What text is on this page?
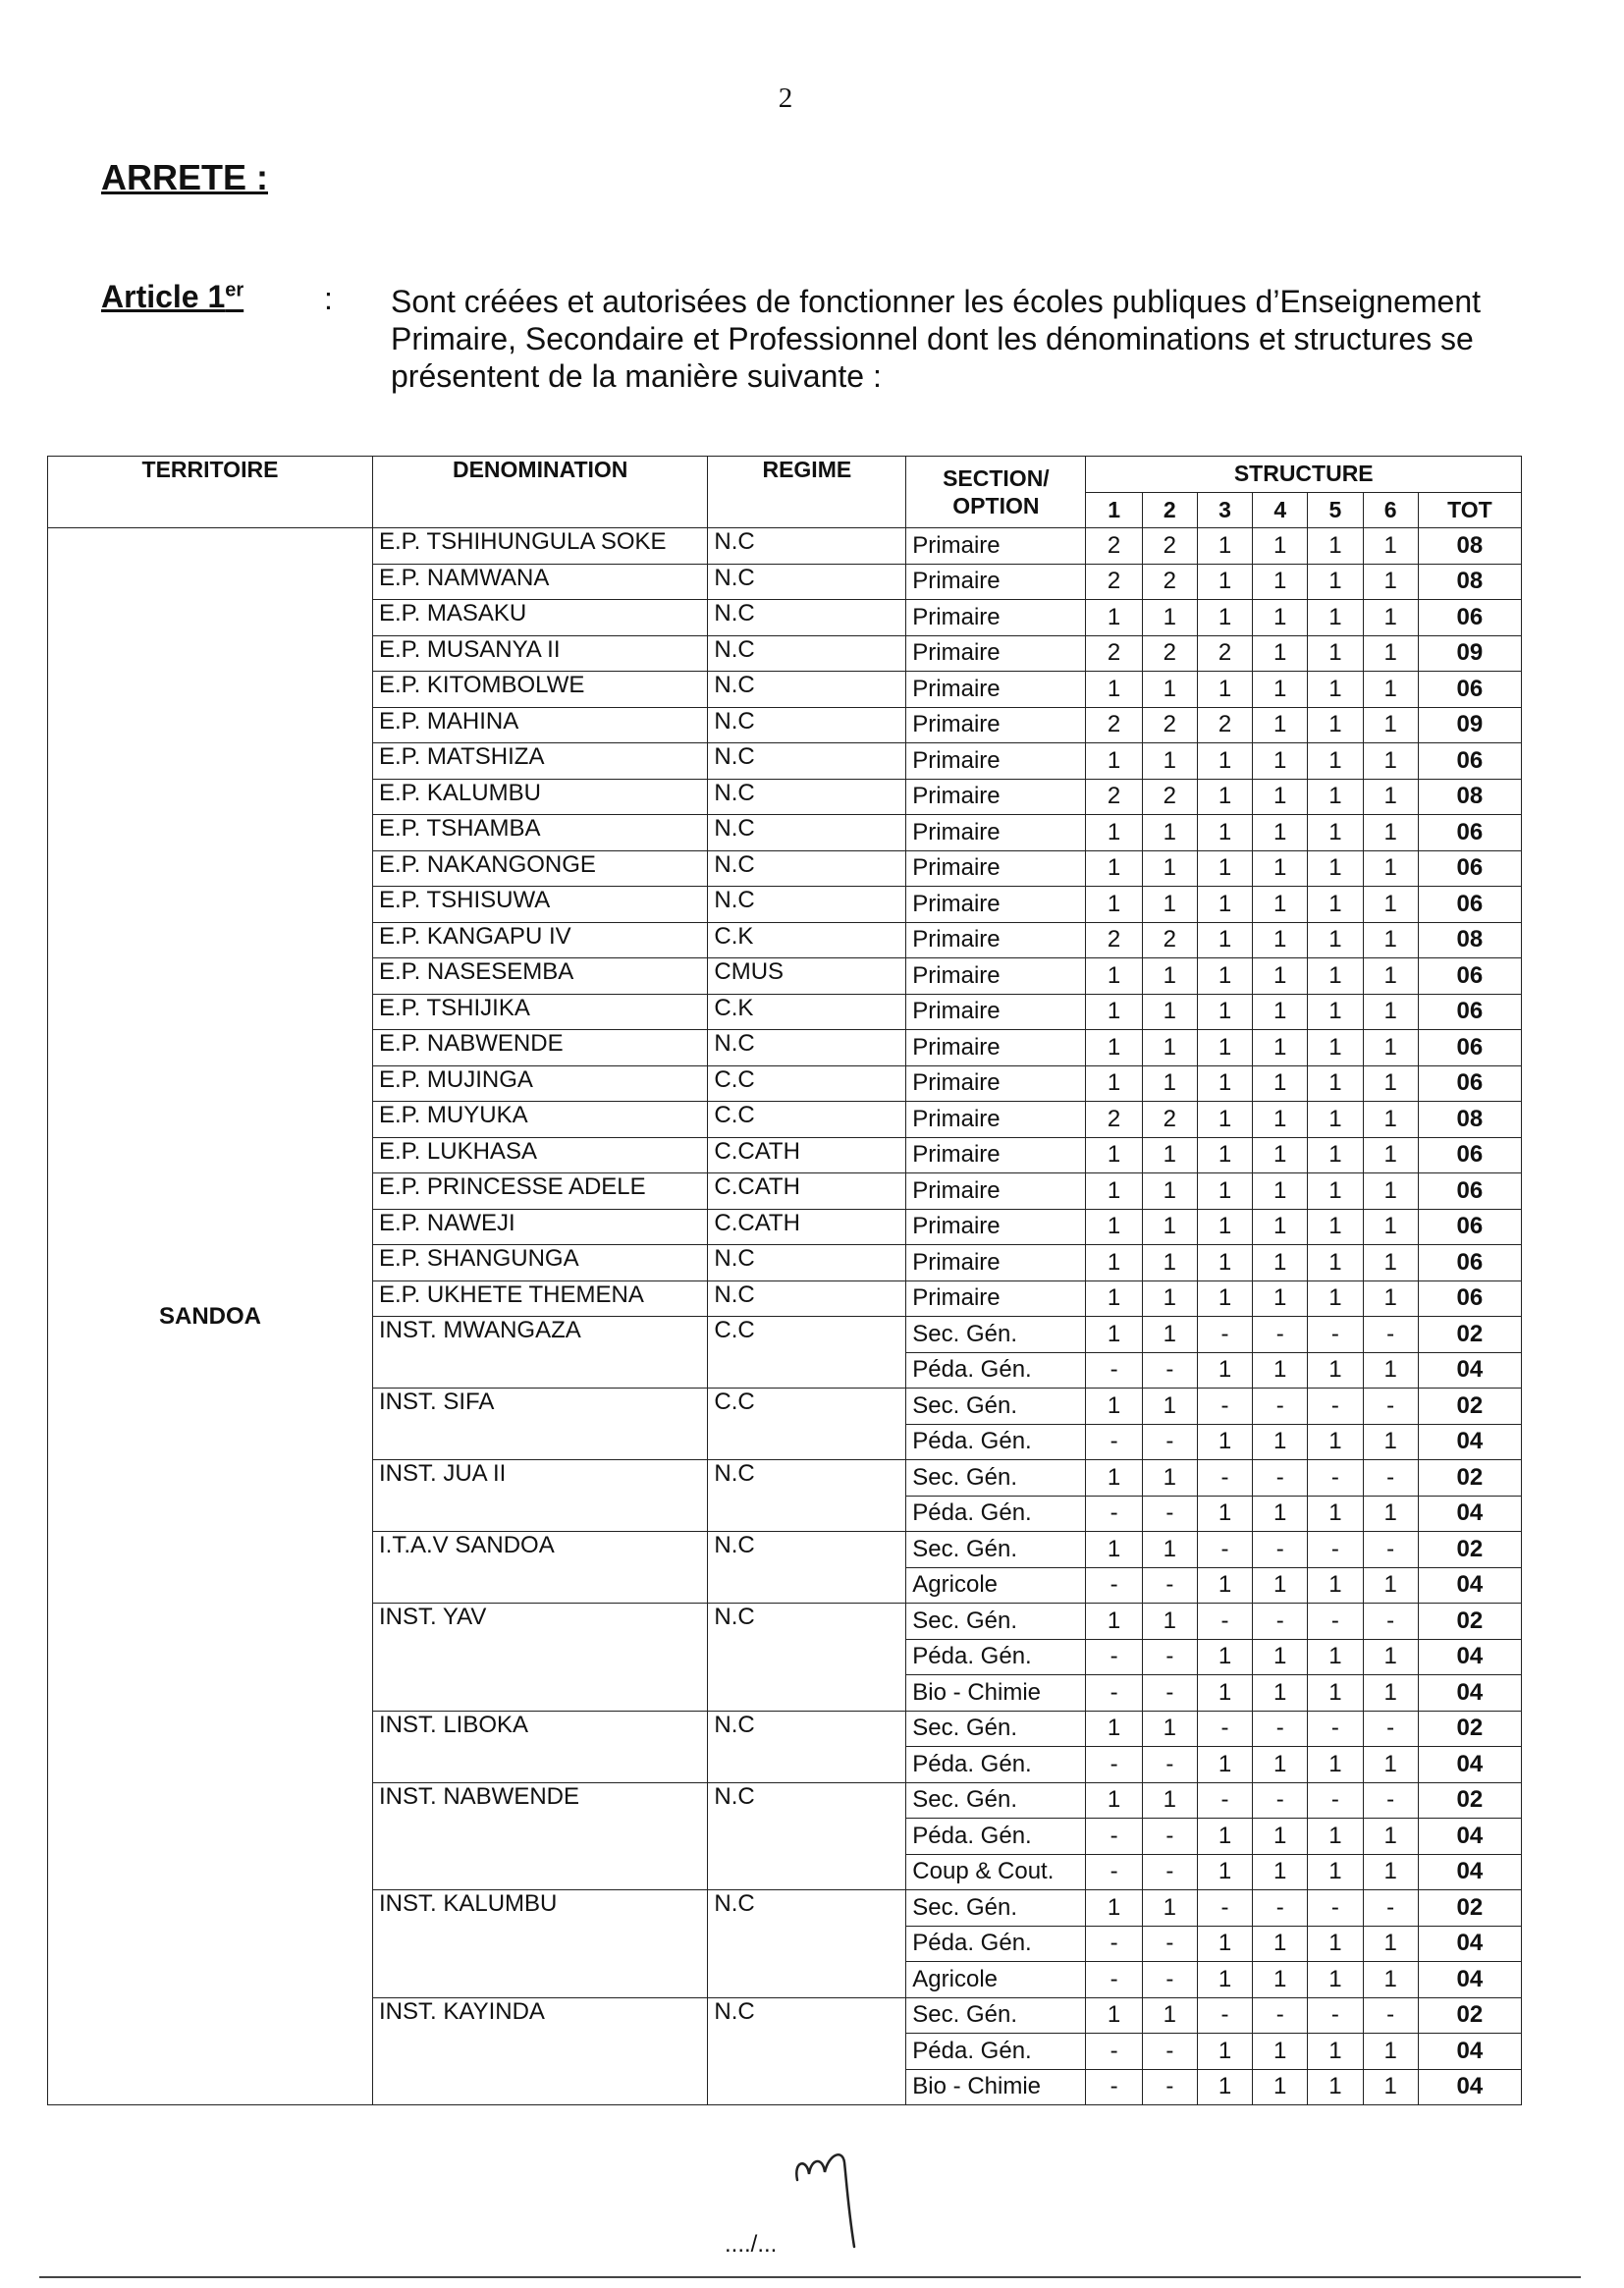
2
ARRETE :
Article 1er	: Sont créées et autorisées de fonctionner les écoles publiques d’Enseignement Primaire, Secondaire et Professionnel dont les dénominations et structures se présentent de la manière suivante :
TERRITOIRE	DENOMINATION	REGIME	SECTION/ OPTION	STRUCTURE						
				1	2	3	4	5	6	TOT
SANDOA	E.P. TSHIHUNGULA SOKE	N.C	Primaire	2	2	1	1	1	1	08
	E.P. NAMWANA	N.C	Primaire	2	2	1	1	1	1	08
	E.P. MASAKU	N.C	Primaire	1	1	1	1	1	1	06
	E.P. MUSANYA II	N.C	Primaire	2	2	2	1	1	1	09
	E.P. KITOMBOLWE	N.C	Primaire	1	1	1	1	1	1	06
	E.P. MAHINA	N.C	Primaire	2	2	2	1	1	1	09
	E.P. MATSHIZA	N.C	Primaire	1	1	1	1	1	1	06
	E.P. KALUMBU	N.C	Primaire	2	2	1	1	1	1	08
	E.P. TSHAMBA	N.C	Primaire	1	1	1	1	1	1	06
	E.P. NAKANGONGE	N.C	Primaire	1	1	1	1	1	1	06
	E.P. TSHISUWA	N.C	Primaire	1	1	1	1	1	1	06
	E.P. KANGAPU IV	C.K	Primaire	2	2	1	1	1	1	08
	E.P. NASESEMBA	CMUS	Primaire	1	1	1	1	1	1	06
	E.P. TSHIJIKA	C.K	Primaire	1	1	1	1	1	1	06
	E.P. NABWENDE	N.C	Primaire	1	1	1	1	1	1	06
	E.P. MUJINGA	C.C	Primaire	1	1	1	1	1	1	06
	E.P. MUYUKA	C.C	Primaire	2	2	1	1	1	1	08
	E.P. LUKHASA	C.CATH	Primaire	1	1	1	1	1	1	06
	E.P. PRINCESSE ADELE	C.CATH	Primaire	1	1	1	1	1	1	06
	E.P. NAWEJI	C.CATH	Primaire	1	1	1	1	1	1	06
	E.P. SHANGUNGA	N.C	Primaire	1	1	1	1	1	1	06
	E.P. UKHETE THEMENA	N.C	Primaire	1	1	1	1	1	1	06
	INST. MWANGAZA	C.C	Sec. Gén.	1	1	-	-	-	-	02
			Péda. Gén.	-	-	1	1	1	1	04
	INST. SIFA	C.C	Sec. Gén.	1	1	-	-	-	-	02
			Péda. Gén.	-	-	1	1	1	1	04
	INST. JUA II	N.C	Sec. Gén.	1	1	-	-	-	-	02
			Péda. Gén.	-	-	1	1	1	1	04
	I.T.A.V SANDOA	N.C	Sec. Gén.	1	1	-	-	-	-	02
			Agricole	-	-	1	1	1	1	04
	INST. YAV	N.C	Sec. Gén.	1	1	-	-	-	-	02
			Péda. Gén.	-	-	1	1	1	1	04
			Bio - Chimie	-	-	1	1	1	1	04
	INST. LIBOKA	N.C	Sec. Gén.	1	1	-	-	-	-	02
			Péda. Gén.	-	-	1	1	1	1	04
	INST. NABWENDE	N.C	Sec. Gén.	1	1	-	-	-	-	02
			Péda. Gén.	-	-	1	1	1	1	04
			Coup & Cout.	-	-	1	1	1	1	04
	INST. KALUMBU	N.C	Sec. Gén.	1	1	-	-	-	-	02
			Péda. Gén.	-	-	1	1	1	1	04
			Agricole	-	-	1	1	1	1	04
	INST. KAYINDA	N.C	Sec. Gén.	1	1	-	-	-	-	02
			Péda. Gén.	-	-	1	1	1	1	04
			Bio - Chimie	-	-	1	1	1	1	04
..../...
